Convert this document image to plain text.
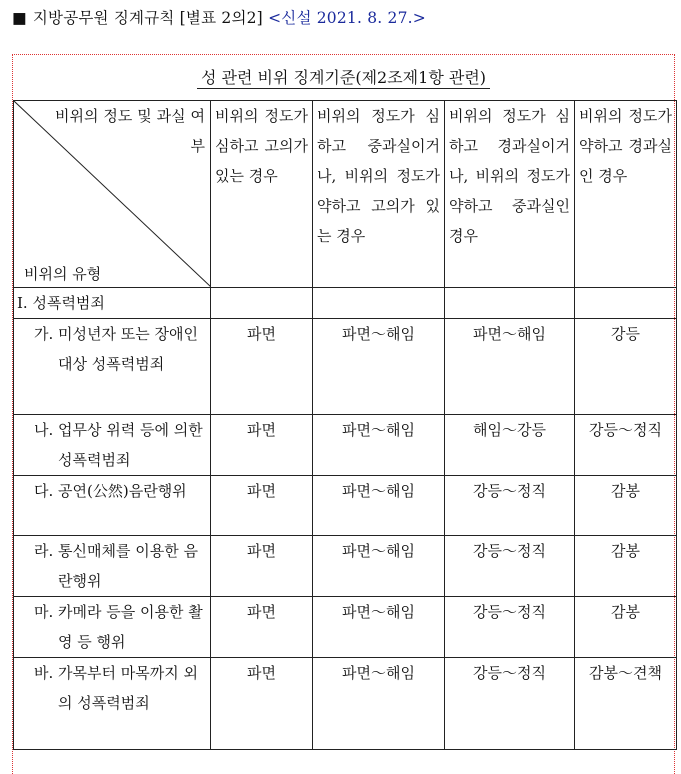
■ 지방공무원 징계규칙 [별표 2의2] <신설 2021. 8. 27.>
성 관련 비위 징계기준(제2조제1항 관련)
비위의 정도 및 과실 여부
비위의 유형	비위의 정도가 심하고 고의가 있는 경우	비위의 정도가 심하고 중과실이거나, 비위의 정도가 약하고 고의가 있는 경우	비위의 정도가 심하고 경과실이거나, 비위의 정도가 약하고 중과실인 경우	비위의 정도가 약하고 경과실인 경우
I. 성폭력범죄				

가. 미성년자 또는 장애인 대상 성폭력범죄	파면	파면～해임	파면～해임	강등

나. 업무상 위력 등에 의한 성폭력범죄	파면	파면～해임	해임～강등	강등～정직

다. 공연(公然)음란행위	파면	파면～해임	강등～정직	감봉

라. 통신매체를 이용한 음란행위	파면	파면～해임	강등～정직	감봉

마. 카메라 등을 이용한 촬영 등 행위	파면	파면～해임	강등～정직	감봉

바. 가목부터 마목까지 외의 성폭력범죄	파면	파면～해임	강등～정직	감봉～견책
